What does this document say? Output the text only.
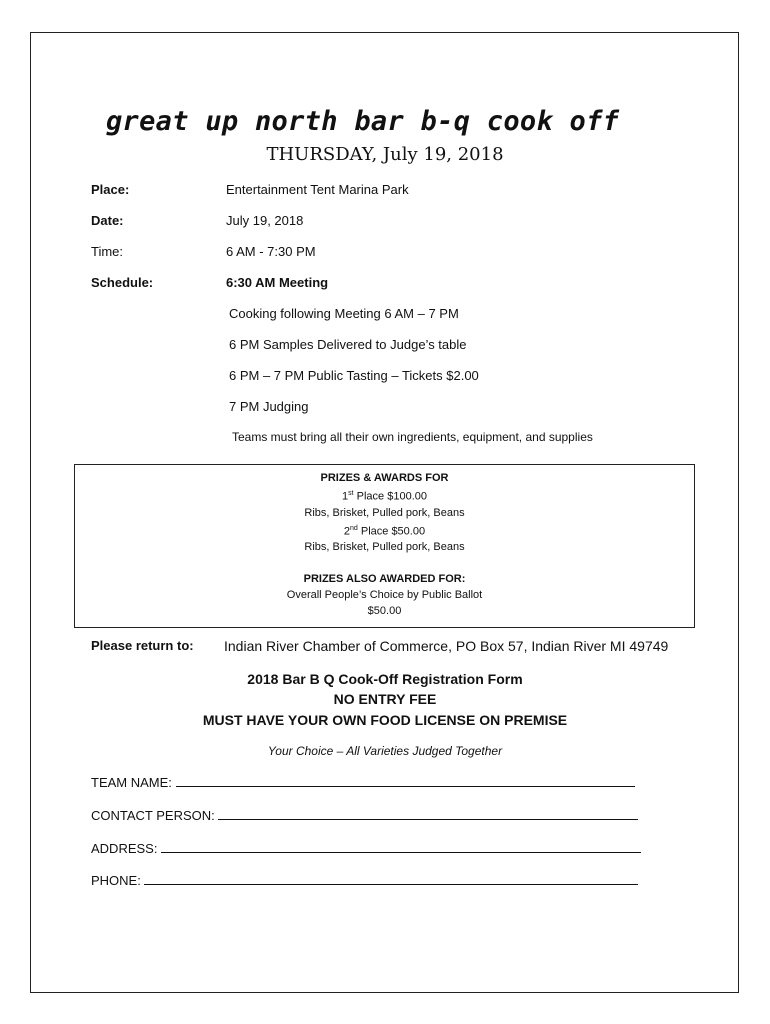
great up north bar b-q cook off
THURSDAY, July 19, 2018
Place:	Entertainment Tent Marina Park
Date:	July 19, 2018
Time:	6 AM - 7:30 PM
Schedule:	6:30 AM Meeting
Cooking following Meeting 6 AM – 7 PM
6 PM Samples Delivered to Judge’s table
6 PM – 7 PM Public Tasting – Tickets $2.00
7 PM Judging
Teams must bring all their own ingredients, equipment, and supplies
PRIZES & AWARDS FOR
1st Place $100.00
Ribs, Brisket, Pulled pork, Beans
2nd Place $50.00
Ribs, Brisket, Pulled pork, Beans
PRIZES ALSO AWARDED FOR:
Overall People’s Choice by Public Ballot
$50.00
Please return to: Indian River Chamber of Commerce, PO Box 57, Indian River MI 49749
2018 Bar B Q Cook-Off Registration Form
NO ENTRY FEE
MUST HAVE YOUR OWN FOOD LICENSE ON PREMISE
Your Choice – All Varieties Judged Together
TEAM NAME:
CONTACT PERSON:
ADDRESS:
PHONE:
